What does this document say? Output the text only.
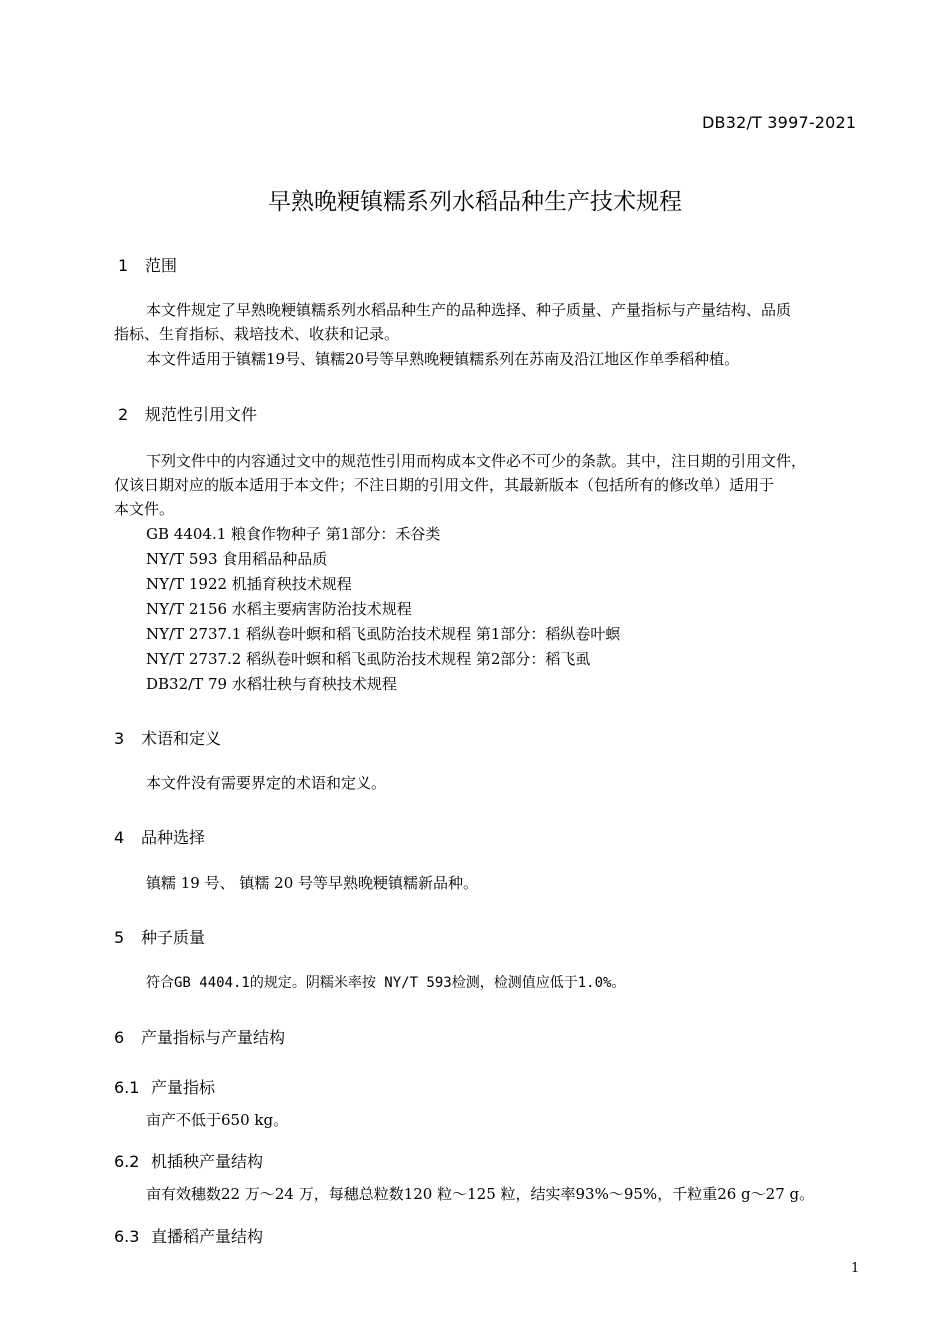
DB32/T 3997-2021
早熟晚粳镇糯系列水稻品种生产技术规程
1 范围
本文件规定了早熟晚粳镇糯系列水稻品种生产的品种选择、种子质量、产量指标与产量结构、品质
指标、生育指标、栽培技术、收获和记录。
本文件适用于镇糯19号、镇糯20号等早熟晚粳镇糯系列在苏南及沿江地区作单季稻种植。
2 规范性引用文件
下列文件中的内容通过文中的规范性引用而构成本文件必不可少的条款。其中，注日期的引用文件，
仅该日期对应的版本适用于本文件；不注日期的引用文件，其最新版本（包括所有的修改单）适用于
本文件。
GB 4404.1 粮食作物种子 第1部分：禾谷类
NY/T 593 食用稻品种品质
NY/T 1922 机插育秧技术规程
NY/T 2156 水稻主要病害防治技术规程
NY/T 2737.1 稻纵卷叶螟和稻飞虱防治技术规程 第1部分：稻纵卷叶螟
NY/T 2737.2 稻纵卷叶螟和稻飞虱防治技术规程 第2部分：稻飞虱
DB32/T 79 水稻壮秧与育秧技术规程
3 术语和定义
本文件没有需要界定的术语和定义。
4 品种选择
镇糯 19 号、 镇糯 20 号等早熟晚粳镇糯新品种。
5 种子质量
符合GB 4404.1的规定。阴糯米率按 NY/T 593检测，检测值应低于1.0%。
6 产量指标与产量结构
6.1 产量指标
亩产不低于650 kg。
6.2 机插秧产量结构
亩有效穗数22 万～24 万，每穗总粒数120 粒～125 粒，结实率93%～95%，千粒重26 g～27 g。
6.3 直播稻产量结构
1
